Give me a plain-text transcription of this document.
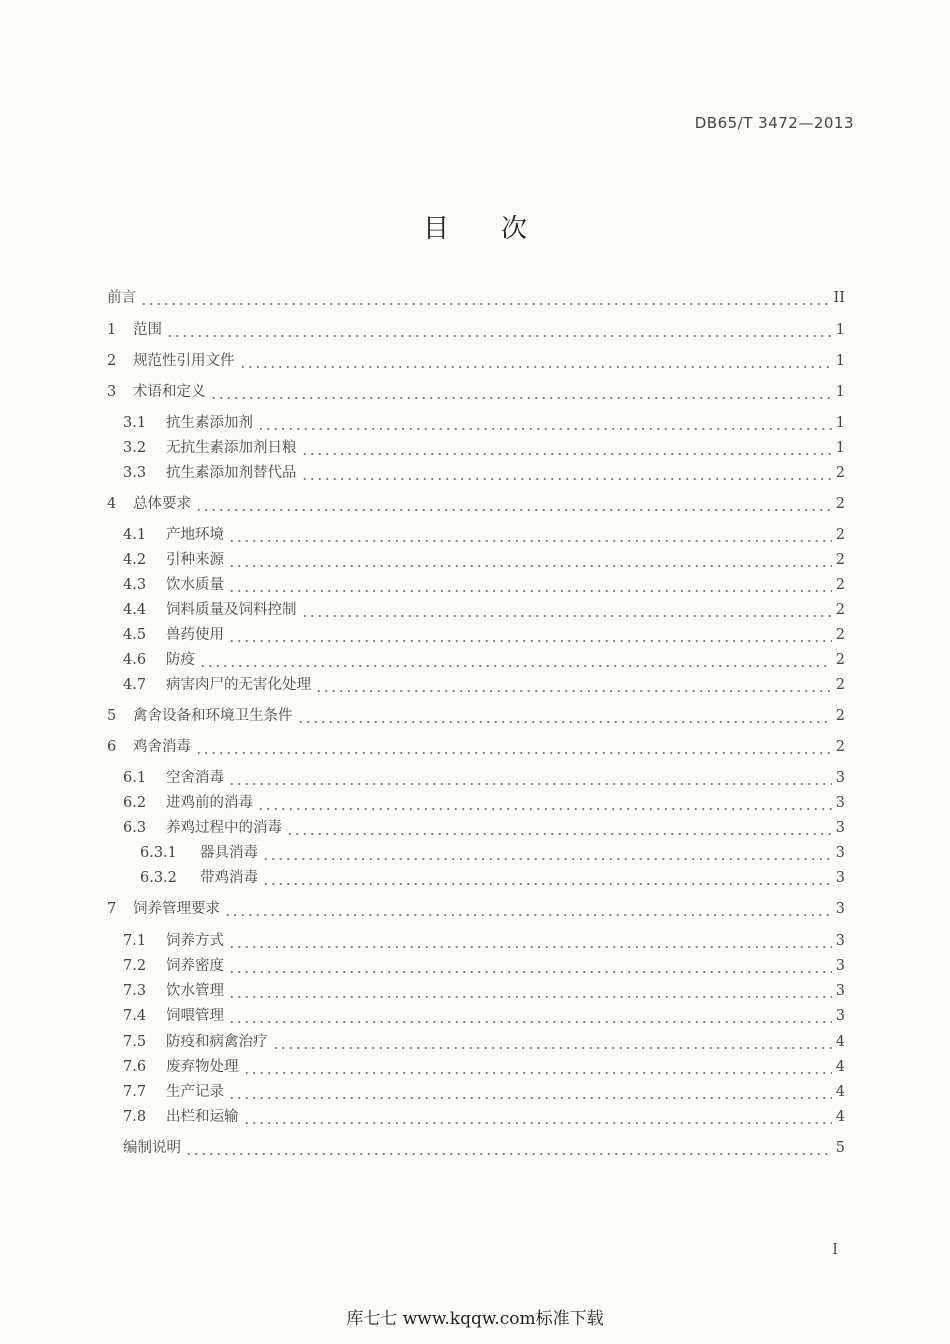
DB65/T 3472—2013
目次
前言	II
1	范围	1
2	规范性引用文件	1
3	术语和定义	1
3.1	抗生素添加剂	1
3.2	无抗生素添加剂日粮	1
3.3	抗生素添加剂替代品	2
4	总体要求	2
4.1	产地环境	2
4.2	引种来源	2
4.3	饮水质量	2
4.4	饲料质量及饲料控制	2
4.5	兽药使用	2
4.6	防疫	2
4.7	病害肉尸的无害化处理	2
5	禽舍设备和环境卫生条件	2
6	鸡舍消毒	2
6.1	空舍消毒	3
6.2	进鸡前的消毒	3
6.3	养鸡过程中的消毒	3
6.3.1	器具消毒	3
6.3.2	带鸡消毒	3
7	饲养管理要求	3
7.1	饲养方式	3
7.2	饲养密度	3
7.3	饮水管理	3
7.4	饲喂管理	3
7.5	防疫和病禽治疗	4
7.6	废弃物处理	4
7.7	生产记录	4
7.8	出栏和运输	4
编制说明	5
I
库七七 www.kqqw.com标准下载
